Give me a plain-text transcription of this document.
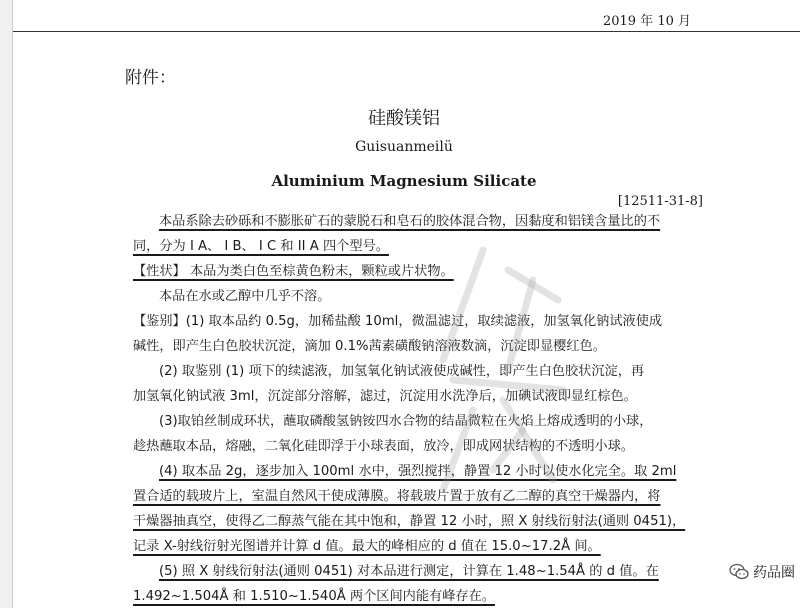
2019 年 10 月
附件：
硅酸镁铝
Guisuanmeilü
Aluminium Magnesium Silicate
[12511-31-8]
本品系除去砂砾和不膨胀矿石的蒙脱石和皂石的胶体混合物，因黏度和铝镁含量比的不
同，分为 I A、 I B、 I C 和 II A 四个型号。
【性状】 本品为类白色至棕黄色粉末，颗粒或片状物。
本品在水或乙醇中几乎不溶。
【鉴别】(1) 取本品约 0.5g，加稀盐酸 10ml，微温滤过，取续滤液，加氢氧化钠试液使成
碱性，即产生白色胶状沉淀，滴加 0.1%茜素磺酸钠溶液数滴，沉淀即显樱红色。
(2) 取鉴别 (1) 项下的续滤液，加氢氧化钠试液使成碱性，即产生白色胶状沉淀，再
加氢氧化钠试液 3ml，沉淀部分溶解，滤过，沉淀用水洗净后，加碘试液即显红棕色。
(3)取铂丝制成环状，蘸取磷酸氢钠铵四水合物的结晶微粒在火焰上熔成透明的小球，
趁热蘸取本品，熔融，二氧化硅即浮于小球表面，放冷，即成网状结构的不透明小球。
(4) 取本品 2g，逐步加入 100ml 水中，强烈搅拌，静置 12 小时以使水化完全。取 2ml
置合适的载玻片上，室温自然风干使成薄膜。将载玻片置于放有乙二醇的真空干燥器内，将
干燥器抽真空，使得乙二醇蒸气能在其中饱和，静置 12 小时，照 X 射线衍射法(通则 0451)，
记录 X-射线衍射光图谱并计算 d 值。最大的峰相应的 d 值在 15.0~17.2Å 间。
(5) 照 X 射线衍射法(通则 0451) 对本品进行测定，计算在 1.48~1.54Å 的 d 值。在
1.492~1.504Å 和 1.510~1.540Å 两个区间内能有峰存在。
药品圈
